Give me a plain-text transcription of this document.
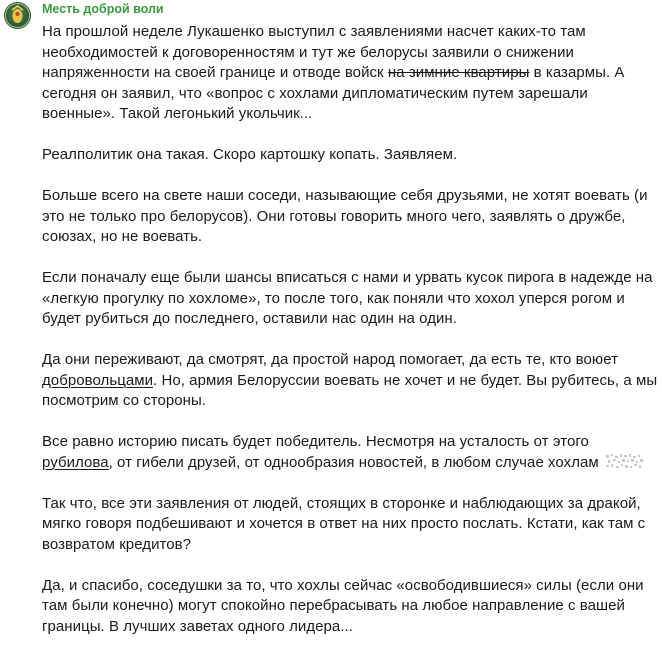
Месть доброй воли

На прошлой неделе Лукашенко выступил с заявлениями насчет каких-то там необходимостей к договоренностям и тут же белорусы заявили о снижении напряженности на своей границе и отводе войск на зимние квартиры в казармы. А сегодня он заявил, что «вопрос с хохлами дипломатическим путем зарешали военные». Такой легонький укольчик...

Реалполитик она такая. Скоро картошку копать. Заявляем.

Больше всего на свете наши соседи, называющие себя друзьями, не хотят воевать (и это не только про белорусов). Они готовы говорить много чего, заявлять о дружбе, союзах, но не воевать.

Если поначалу еще были шансы вписаться с нами и урвать кусок пирога в надежде на «легкую прогулку по хохломе», то после того, как поняли что хохол уперся рогом и будет рубиться до последнего, оставили нас один на один.

Да они переживают, да смотрят, да простой народ помогает, да есть те, кто воюет добровольцами. Но, армия Белоруссии воевать не хочет и не будет. Вы рубитесь, а мы посмотрим со стороны.

Все равно историю писать будет победитель. Несмотря на усталость от этого рубилова, от гибели друзей, от однообразия новостей, в любом случае хохлам

Так что, все эти заявления от людей, стоящих в сторонке и наблюдающих за дракой, мягко говоря подбешивают и хочется в ответ на них просто послать. Кстати, как там с возвратом кредитов?

Да, и спасибо, соседушки за то, что хохлы сейчас «освободившиеся» силы (если они там были конечно) могут спокойно перебрасывать на любое направление с вашей границы. В лучших заветах одного лидера...
